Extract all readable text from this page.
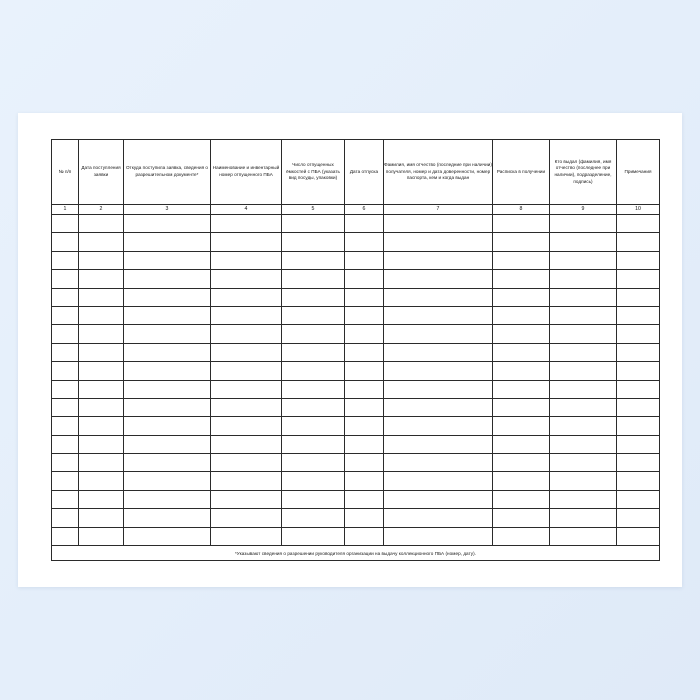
№ п/п	Дата поступления заявки	Откуда поступила заявка, сведения о разрешительном документе*	Наименование и инвентарный номер отпущенного ПБА	Число отпущенных ёмкостей с ПБА (указать вид посуды, упаковки)	Дата отпуска	Фамилия, имя отчество (последние при наличии) получателя, номер и дата доверенности, номер паспорта, кем и когда выдан	Расписка в получении	Кто выдал (фамилия, имя отчество (последнее при наличии), подразделение, подпись)	Примечания
1	2	3	4	5	6	7	8	9	10

*Указывают сведения о разрешении руководителя организации на выдачу коллекционного ПБА (номер, дату).									
